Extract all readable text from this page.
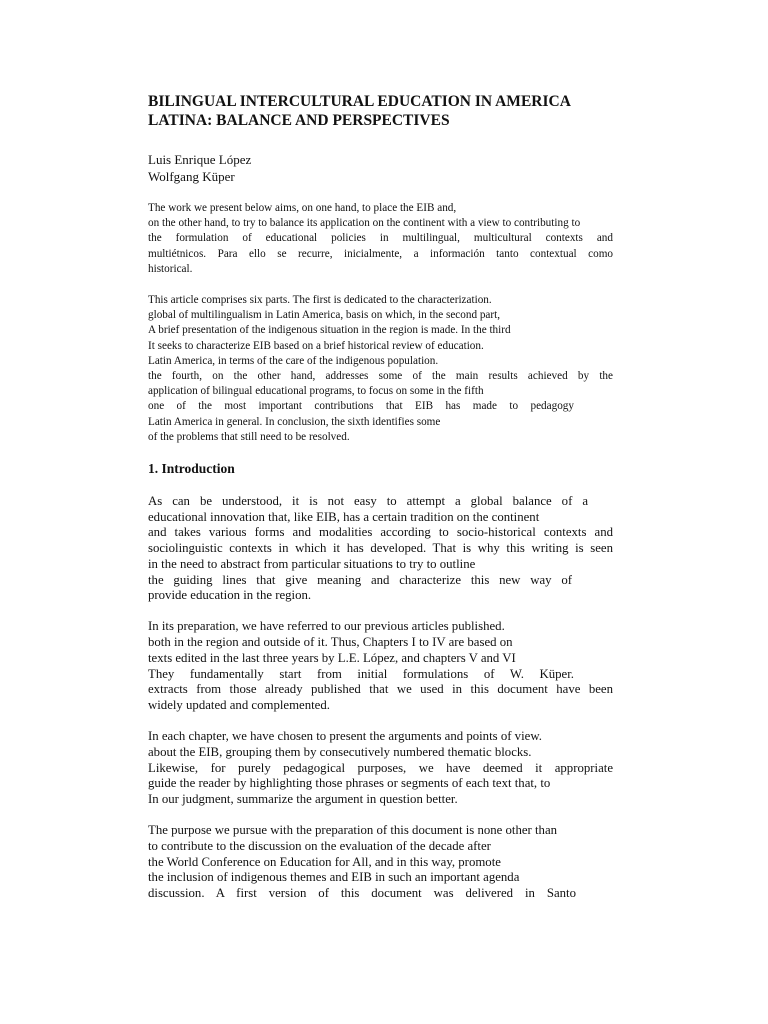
BILINGUAL INTERCULTURAL EDUCATION IN AMERICA
LATINA: BALANCE AND PERSPECTIVES
Luis Enrique López
Wolfgang Küper
The work we present below aims, on one hand, to place the EIB and,
on the other hand, to try to balance its application on the continent with a view to contributing to
the formulation of educational policies in multilingual, multicultural contexts and
multiétnicos. Para ello se recurre, inicialmente, a información tanto contextual como
historical.
This article comprises six parts. The first is dedicated to the characterization.
global of multilingualism in Latin America, basis on which, in the second part,
A brief presentation of the indigenous situation in the region is made. In the third
It seeks to characterize EIB based on a brief historical review of education.
Latin America, in terms of the care of the indigenous population.
the fourth, on the other hand, addresses some of the main results achieved by the
application of bilingual educational programs, to focus on some in the fifth
one of the most important contributions that EIB has made to pedagogy
Latin America in general. In conclusion, the sixth identifies some
of the problems that still need to be resolved.
1. Introduction
As can be understood, it is not easy to attempt a global balance of a
educational innovation that, like EIB, has a certain tradition on the continent
and takes various forms and modalities according to socio-historical contexts and
sociolinguistic contexts in which it has developed. That is why this writing is seen
in the need to abstract from particular situations to try to outline
the guiding lines that give meaning and characterize this new way of
provide education in the region.
In its preparation, we have referred to our previous articles published.
both in the region and outside of it. Thus, Chapters I to IV are based on
texts edited in the last three years by L.E. López, and chapters V and VI
They fundamentally start from initial formulations of W. Küper.
extracts from those already published that we used in this document have been
widely updated and complemented.
In each chapter, we have chosen to present the arguments and points of view.
about the EIB, grouping them by consecutively numbered thematic blocks.
Likewise, for purely pedagogical purposes, we have deemed it appropriate
guide the reader by highlighting those phrases or segments of each text that, to
In our judgment, summarize the argument in question better.
The purpose we pursue with the preparation of this document is none other than
to contribute to the discussion on the evaluation of the decade after
the World Conference on Education for All, and in this way, promote
the inclusion of indigenous themes and EIB in such an important agenda
discussion. A first version of this document was delivered in Santo
